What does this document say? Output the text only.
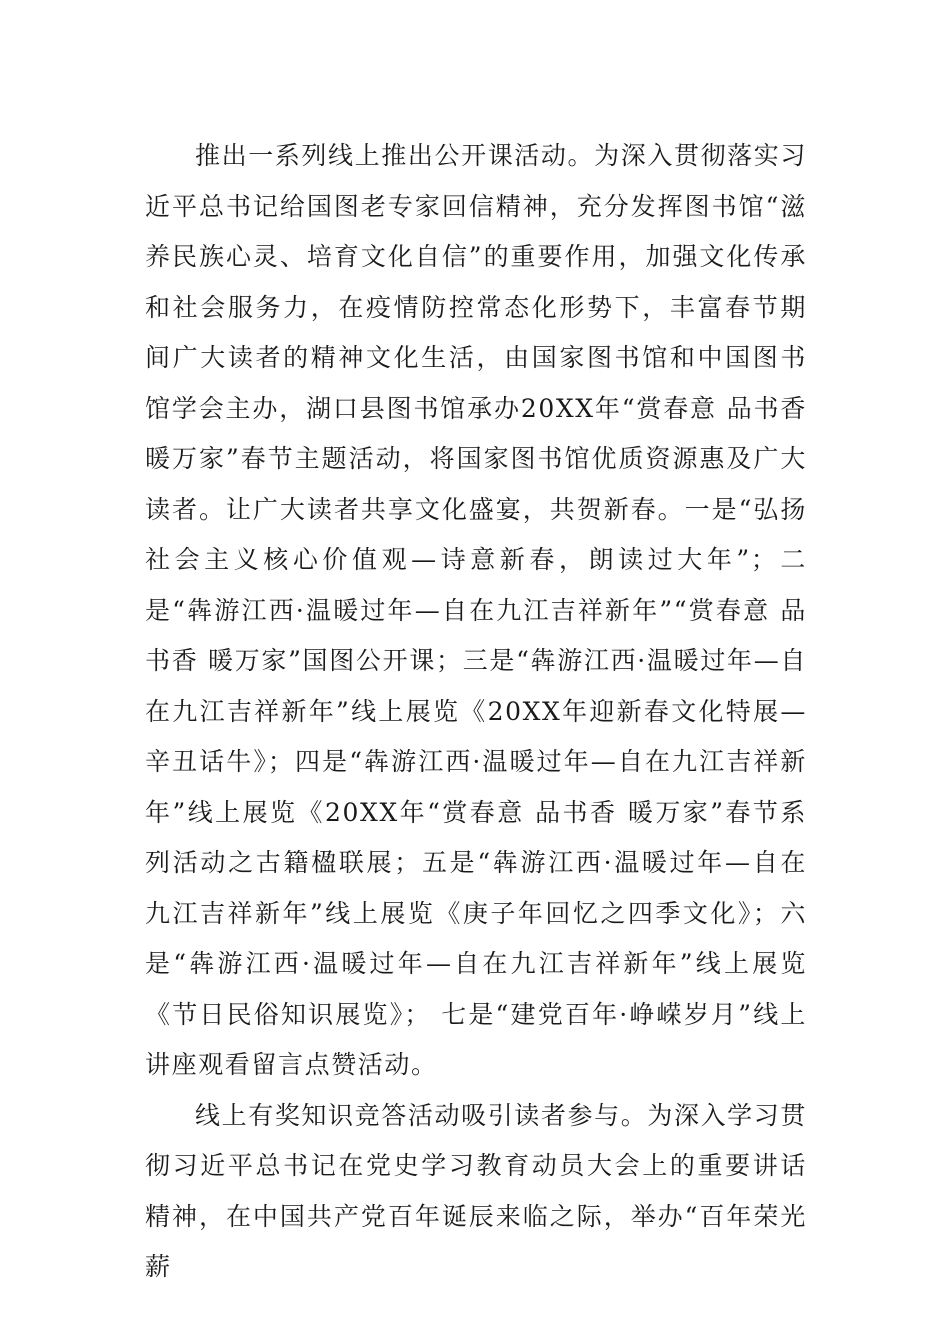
推出一系列线上推出公开课活动。为深入贯彻落实习近平总书记给国图老专家回信精神，充分发挥图书馆“滋养民族心灵、培育文化自信”的重要作用，加强文化传承和社会服务力，在疫情防控常态化形势下，丰富春节期间广大读者的精神文化生活，由国家图书馆和中国图书馆学会主办，湖口县图书馆承办20XX年“赏春意 品书香 暖万家”春节主题活动，将国家图书馆优质资源惠及广大读者。让广大读者共享文化盛宴，共贺新春。一是“弘扬社会主义核心价值观—诗意新春，朗读过大年”；二是“犇游江西·温暖过年—自在九江吉祥新年”“赏春意 品书香 暖万家”国图公开课；三是“犇游江西·温暖过年—自在九江吉祥新年”线上展览《20XX年迎新春文化特展—辛丑话牛》；四是“犇游江西·温暖过年—自在九江吉祥新年”线上展览《20XX年“赏春意 品书香 暖万家”春节系列活动之古籍楹联展；五是“犇游江西·温暖过年—自在九江吉祥新年”线上展览《庚子年回忆之四季文化》；六是“犇游江西·温暖过年—自在九江吉祥新年”线上展览《节日民俗知识展览》； 七是“建党百年·峥嵘岁月”线上讲座观看留言点赞活动。

线上有奖知识竞答活动吸引读者参与。为深入学习贯彻习近平总书记在党史学习教育动员大会上的重要讲话精神，在中国共产党百年诞辰来临之际，举办“百年荣光 薪
